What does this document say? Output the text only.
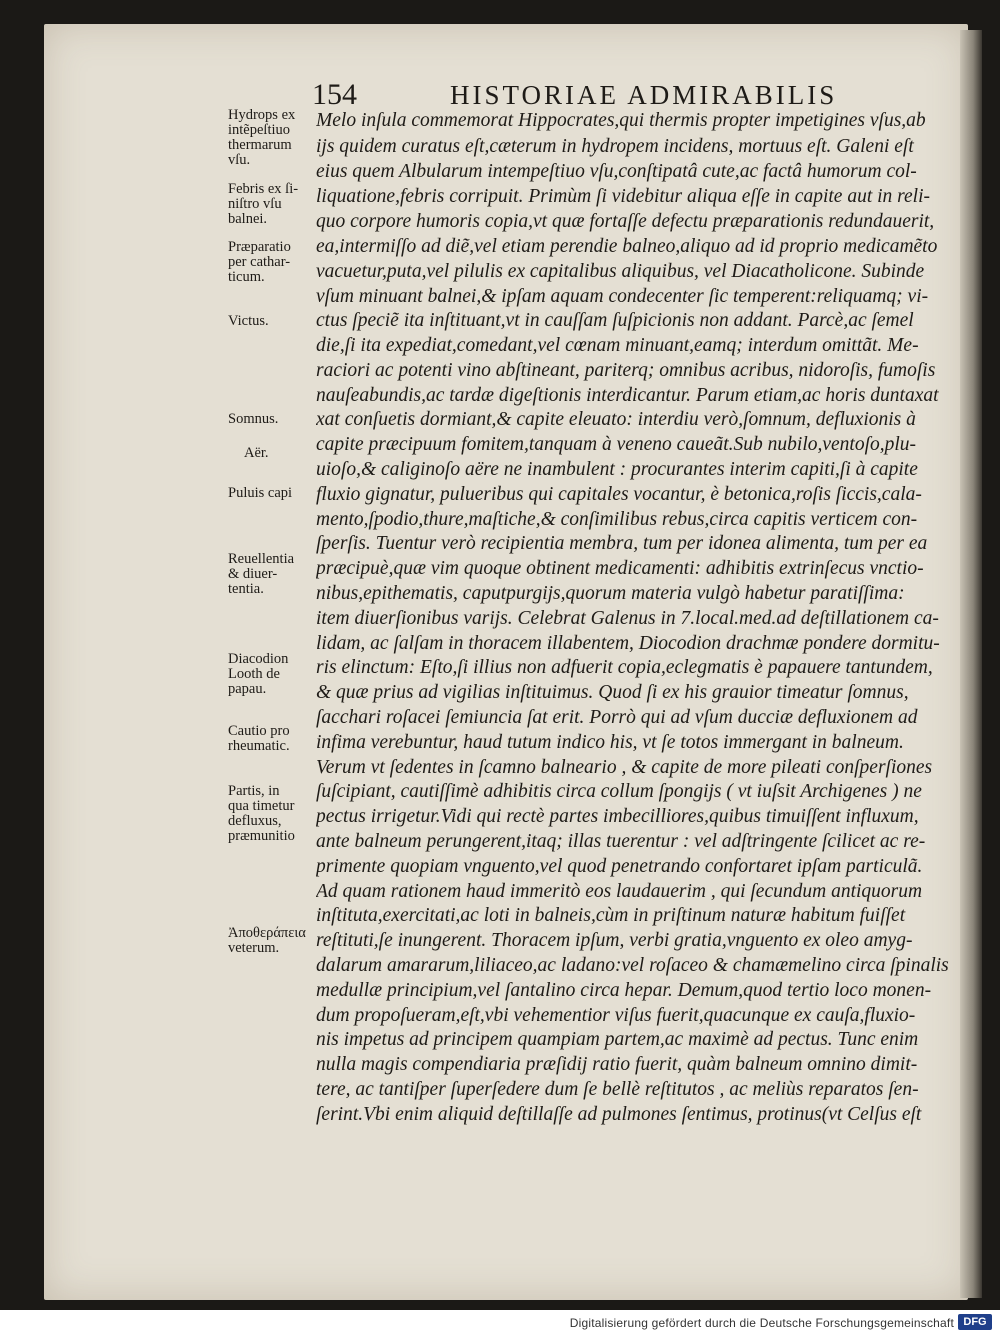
154	HISTORIAE ADMIRABILIS
Hydrops ex
intẽpeſtiuo
thermarum
vſu.
Febris ex ſi-
niſtro vſu
balnei.
Præparatio
per cathar-
ticum.
Victus.
Somnus.
Aër.
Puluis capi
Reuellentia
& diuer-
tentia.
Diacodion
Looth de
papau.
Cautio pro
rheumatic.
Partis, in
qua timetur
defluxus,
præmunitio
Ἀποθεράπεια
veterum.
Melo inſula commemorat Hippocrates,qui thermis propter impetigines vſus,ab
ijs quidem curatus eſt,cæterum in hydropem incidens, mortuus eſt. Galeni eſt
eius quem Albularum intempeſtiuo vſu,conſtipatâ cute,ac factâ humorum col-
liquatione,febris corripuit. Primùm ſi videbitur aliqua eſſe in capite aut in reli-
quo corpore humoris copia,vt quæ fortaſſe defectu præparationis redundauerit,
ea,intermiſſo ad diẽ,vel etiam perendie balneo,aliquo ad id proprio medicamẽto
vacuetur,puta,vel pilulis ex capitalibus aliquibus, vel Diacatholicone. Subinde
vſum minuant balnei,& ipſam aquam condecenter ſic temperent:reliquamq; vi-
ctus ſpeciẽ ita inſtituant,vt in cauſſam ſuſpicionis non addant. Parcè,ac ſemel
die,ſi ita expediat,comedant,vel cœnam minuant,eamq; interdum omittãt. Me-
raciori ac potenti vino abſtineant, pariterq; omnibus acribus, nidoroſis, fumoſis
nauſeabundis,ac tardæ digeſtionis interdicantur. Parum etiam,ac horis duntaxat
xat conſuetis dormiant,& capite eleuato: interdiu verò,ſomnum, defluxionis à
capite præcipuum fomitem,tanquam à veneno caueãt.Sub nubilo,ventoſo,plu-
uioſo,& caliginoſo aëre ne inambulent : procurantes interim capiti,ſi à capite
fluxio gignatur, pulueribus qui capitales vocantur, è betonica,roſis ſiccis,cala-
mento,ſpodio,thure,maſtiche,& conſimilibus rebus,circa capitis verticem con-
ſperſis. Tuentur verò recipientia membra, tum per idonea alimenta, tum per ea
præcipuè,quæ vim quoque obtinent medicamenti: adhibitis extrinſecus vnctio-
nibus,epithematis, caputpurgijs,quorum materia vulgò habetur paratiſſima:
item diuerſionibus varijs. Celebrat Galenus in 7.local.med.ad deſtillationem ca-
lidam, ac ſalſam in thoracem illabentem, Diocodion drachmæ pondere dormitu-
ris elinctum: Eſto,ſi illius non adfuerit copia,eclegmatis è papauere tantundem,
& quæ prius ad vigilias inſtituimus. Quod ſi ex his grauior timeatur ſomnus,
ſacchari roſacei ſemiuncia ſat erit. Porrò qui ad vſum ducciæ defluxionem ad
infima verebuntur, haud tutum indico his, vt ſe totos immergant in balneum.
Verum vt ſedentes in ſcamno balneario , & capite de more pileati conſperſiones
ſuſcipiant, cautiſſimè adhibitis circa collum ſpongijs ( vt iuſsit Archigenes ) ne
pectus irrigetur.Vidi qui rectè partes imbecilliores,quibus timuiſſent influxum,
ante balneum perungerent,itaq; illas tuerentur : vel adſtringente ſcilicet ac re-
primente quopiam vnguento,vel quod penetrando confortaret ipſam particulã.
Ad quam rationem haud immeritò eos laudauerim , qui ſecundum antiquorum
inſtituta,exercitati,ac loti in balneis,cùm in priſtinum naturæ habitum fuiſſet
reſtituti,ſe inungerent. Thoracem ipſum, verbi gratia,vnguento ex oleo amyg-
dalarum amararum,liliaceo,ac ladano:vel roſaceo & chamæmelino circa ſpinalis
medullæ principium,vel ſantalino circa hepar. Demum,quod tertio loco monen-
dum propoſueram,eſt,vbi vehementior viſus fuerit,quacunque ex cauſa,fluxio-
nis impetus ad principem quampiam partem,ac maximè ad pectus. Tunc enim
nulla magis compendiaria præſidij ratio fuerit, quàm balneum omnino dimit-
tere, ac tantiſper ſuperſedere dum ſe bellè reſtitutos , ac meliùs reparatos ſen-
ſerint.Vbi enim aliquid deſtillaſſe ad pulmones ſentimus, protinus(vt Celſus eſt
Digitalisierung gefördert durch die Deutsche Forschungsgemeinschaft DFG
